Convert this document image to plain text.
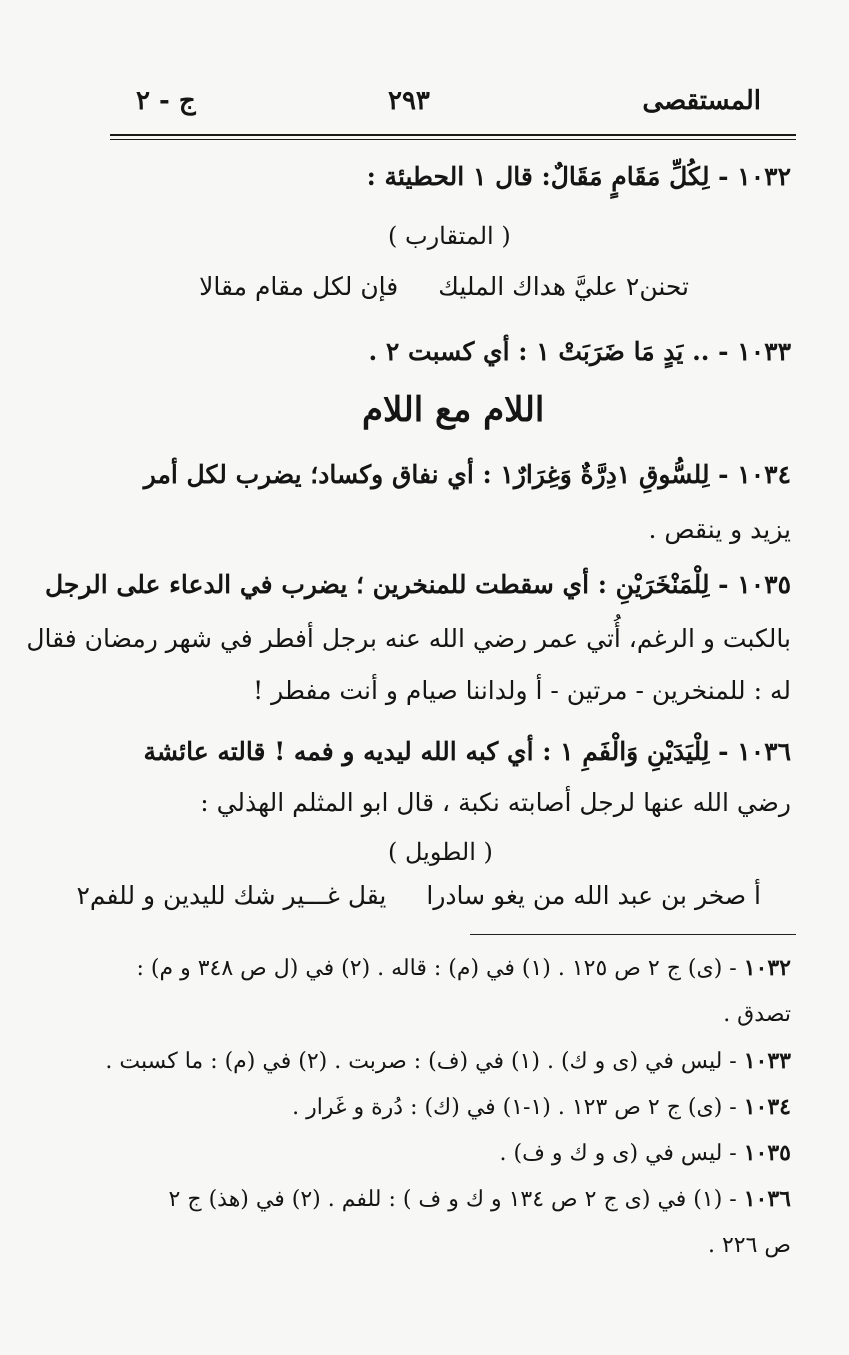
المستقصى
٢٩٣
ج - ٢
١٠٣٢ - لِكُلِّ مَقَامٍ مَقَالٌ: قال ١ الحطيئة :
( المتقارب )
تحنن٢ عليَّ هداك المليك
فإن لكل مقام مقالا
١٠٣٣ - .. يَدٍ مَا ضَرَبَتْ ١ : أي كسبت ٢ .
اللام مع اللام
١٠٣٤ - لِلسُّوقِ ١دِرَّةٌ وَغِرَارٌ١ : أي نفاق وكساد؛ يضرب لكل أمر
يزيد و ينقص .
١٠٣٥ - لِلْمَنْخَرَيْنِ : أي سقطت للمنخرين ؛ يضرب في الدعاء على الرجل
بالكبت و الرغم، أُتي عمر رضي الله عنه برجل أفطر في شهر رمضان فقال
له : للمنخرين - مرتين - أ ولداننا صيام و أنت مفطر !
١٠٣٦ - لِلْيَدَيْنِ وَالْفَمِ ١ : أي كبه الله ليديه و فمه ! قالته عائشة
رضي الله عنها لرجل أصابته نكبة ، قال ابو المثلم الهذلي :
( الطويل )
أ صخر بن عبد الله من يغو سادرا
يقل غـــير شك لليدين و للفم٢
١٠٣٢ - (ى) ج ٢ ص ١٢٥ . (١) في (م) : قاله . (٢) في (ل ص ٣٤٨ و م) :
تصدق .
١٠٣٣ - ليس في (ى و ك) . (١) في (ف) : صربت . (٢) في (م) : ما كسبت .
١٠٣٤ - (ى) ج ٢ ص ١٢٣ . (١-١) في (ك) : دُرة و غَرار .
١٠٣٥ - ليس في (ى و ك و ف) .
١٠٣٦ - (١) في (ى ج ٢ ص ١٣٤ و ك و ف ) : للفم . (٢) في (هذ) ج ٢
ص ٢٢٦ .
